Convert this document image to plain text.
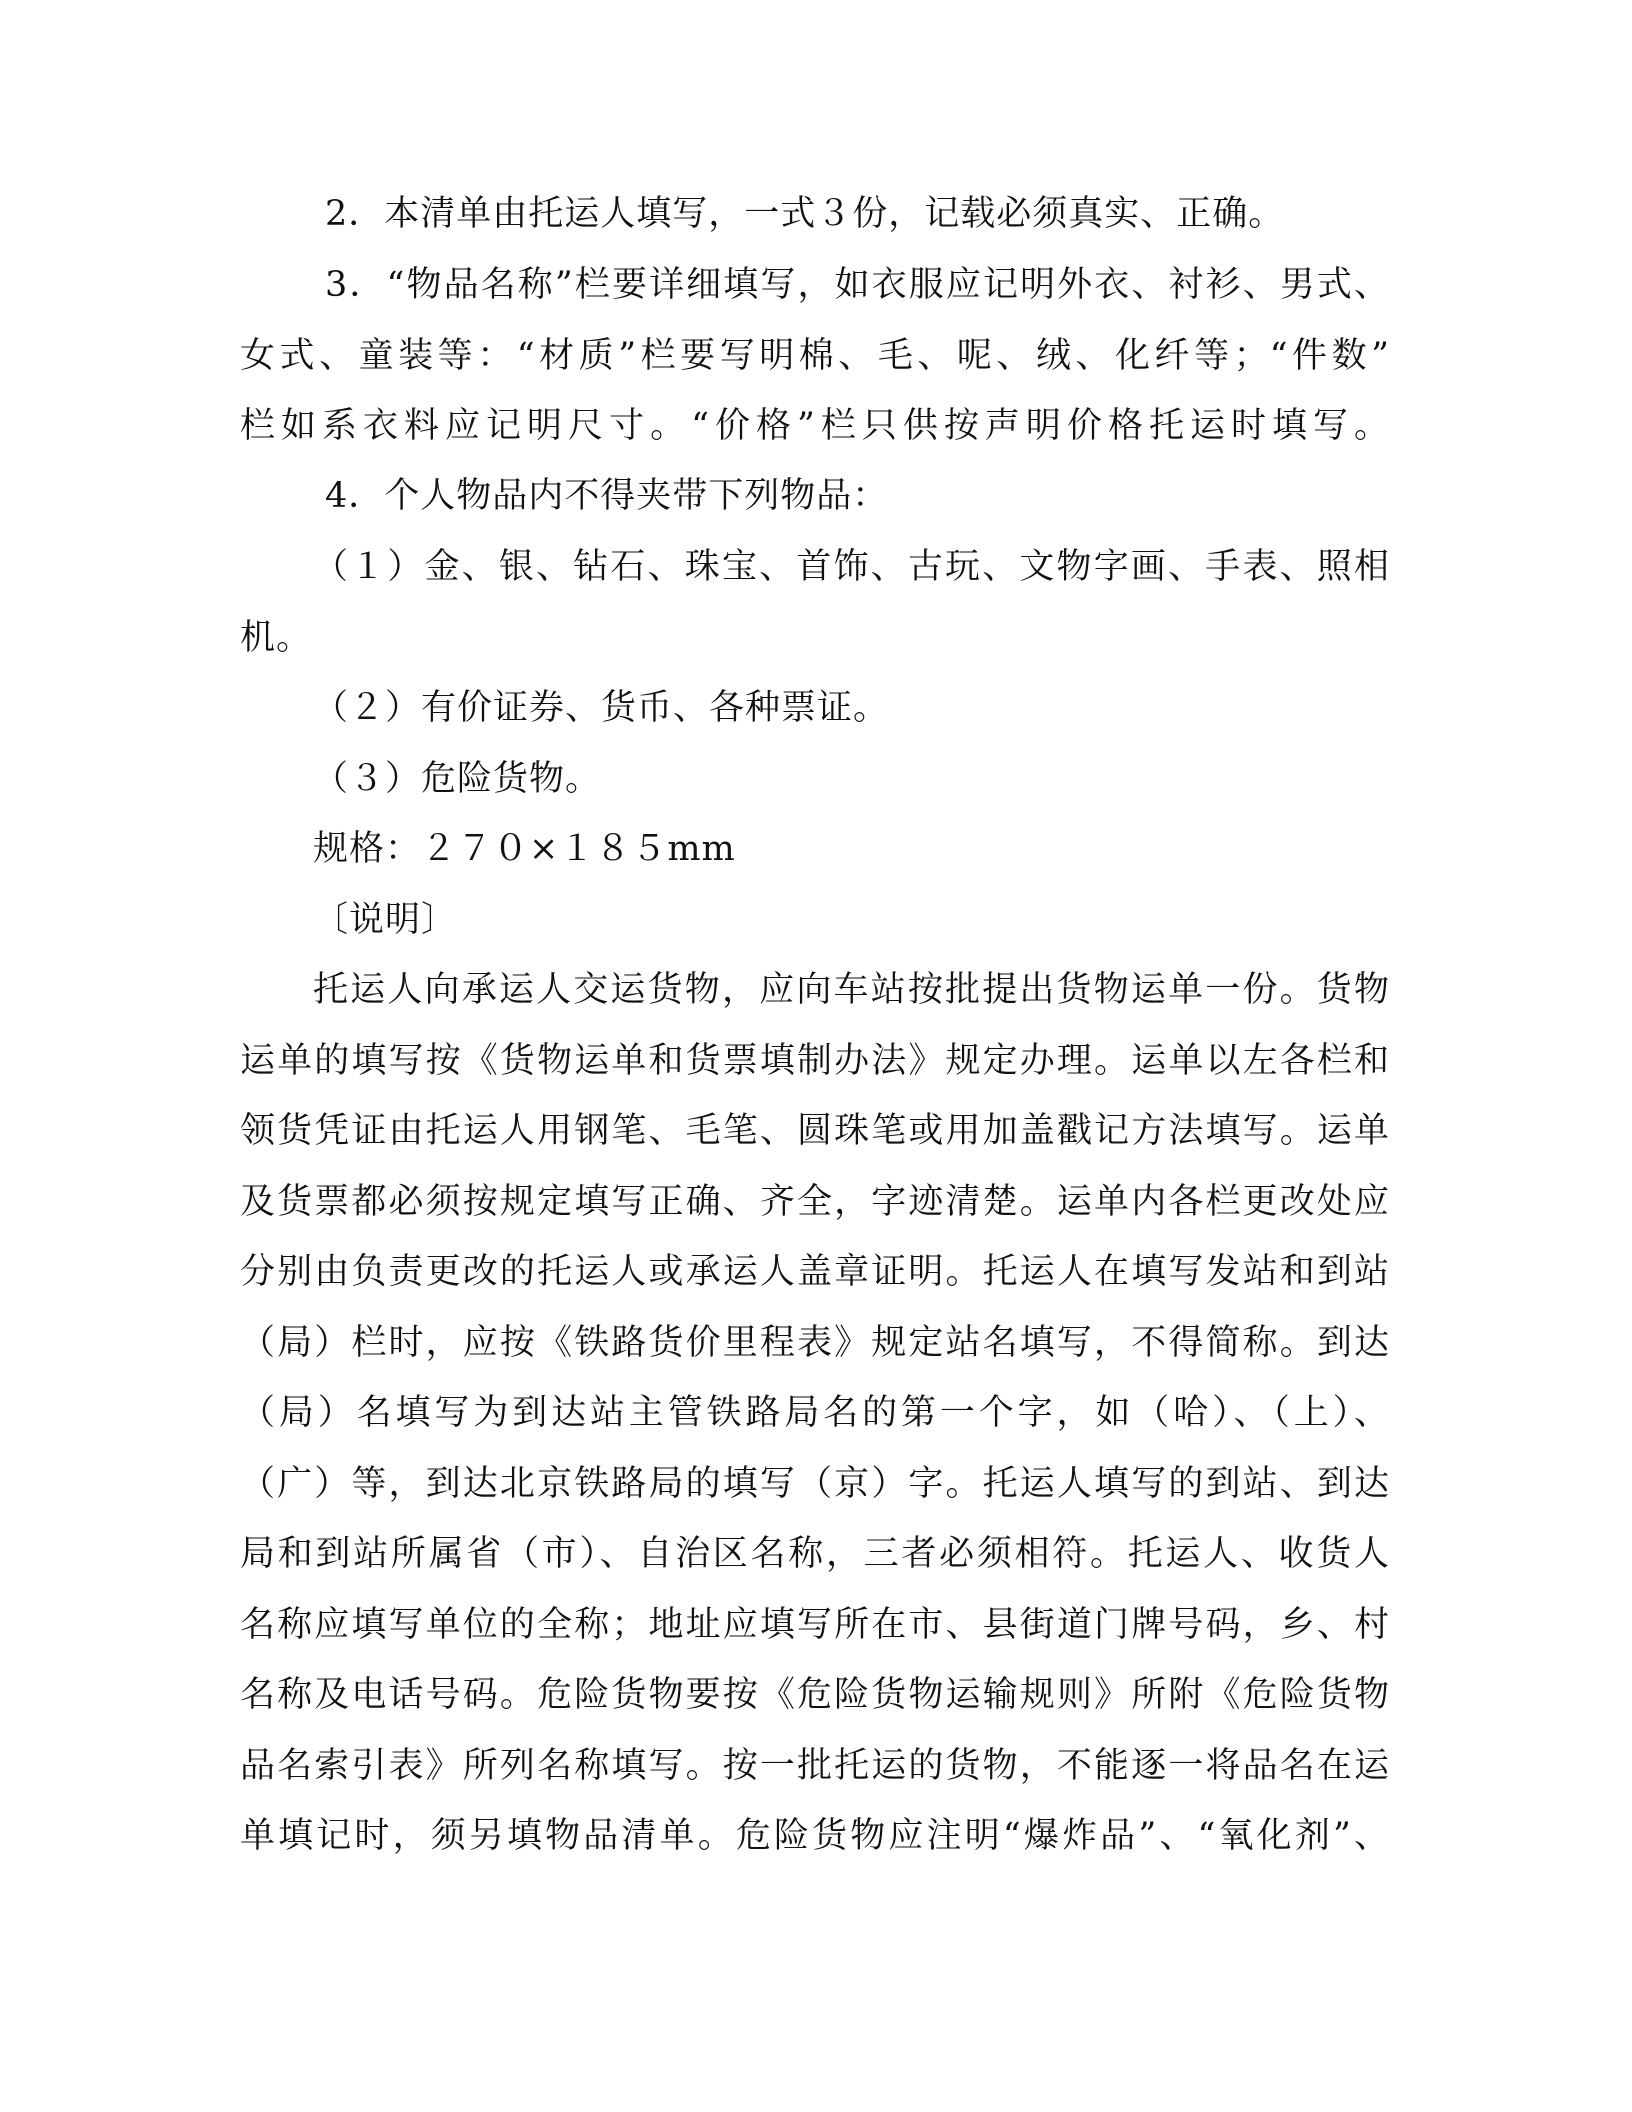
2．本清单由托运人填写，一式３份，记载必须真实、正确。
3．“物品名称”栏要详细填写，如衣服应记明外衣、衬衫、男式、
女式、童装等：“材质”栏要写明棉、毛、呢、绒、化纤等；“件数”
栏如系衣料应记明尺寸。“价格”栏只供按声明价格托运时填写。
4．个人物品内不得夹带下列物品：
（１）金、银、钻石、珠宝、首饰、古玩、文物字画、手表、照相
机。
（２）有价证券、货币、各种票证。
（３）危险货物。
规格：２７０×１８５mm
〔说明〕
托运人向承运人交运货物，应向车站按批提出货物运单一份。货物
运单的填写按《货物运单和货票填制办法》规定办理。运单以左各栏和
领货凭证由托运人用钢笔、毛笔、圆珠笔或用加盖戳记方法填写。运单
及货票都必须按规定填写正确、齐全，字迹清楚。运单内各栏更改处应
分别由负责更改的托运人或承运人盖章证明。托运人在填写发站和到站
（局）栏时，应按《铁路货价里程表》规定站名填写，不得简称。到达
（局）名填写为到达站主管铁路局名的第一个字，如（哈）、（上）、
（广）等，到达北京铁路局的填写（京）字。托运人填写的到站、到达
局和到站所属省（市）、自治区名称，三者必须相符。托运人、收货人
名称应填写单位的全称；地址应填写所在市、县街道门牌号码，乡、村
名称及电话号码。危险货物要按《危险货物运输规则》所附《危险货物
品名索引表》所列名称填写。按一批托运的货物，不能逐一将品名在运
单填记时，须另填物品清单。危险货物应注明“爆炸品”、“氧化剂”、
